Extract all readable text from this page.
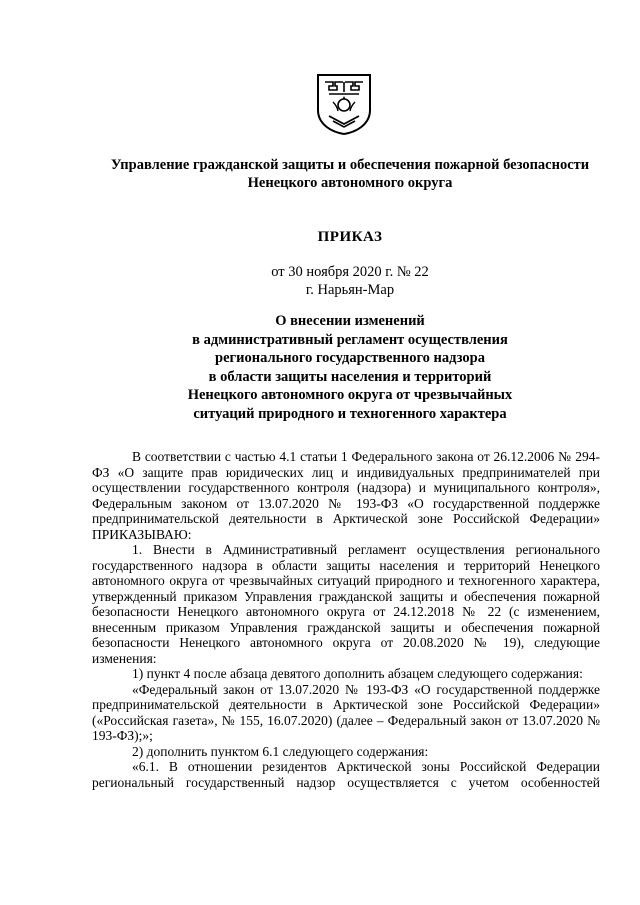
Управление гражданской защиты и обеспечения пожарной безопасности
Ненецкого автономного округа
ПРИКАЗ
от 30 ноября 2020 г. № 22
г. Нарьян-Мар
О внесении изменений
в административный регламент осуществления
регионального государственного надзора
в области защиты населения и территорий
Ненецкого автономного округа от чрезвычайных
ситуаций природного и техногенного характера

В соответствии с частью 4.1 статьи 1 Федерального закона от 26.12.2006 № 294-ФЗ «О защите прав юридических лиц и индивидуальных предпринимателей при осуществлении государственного контроля (надзора) и муниципального контроля», Федеральным законом от 13.07.2020 № 193-ФЗ «О государственной поддержке предпринимательской деятельности в Арктической зоне Российской Федерации» ПРИКАЗЫВАЮ:

1. Внести в Административный регламент осуществления регионального государственного надзора в области защиты населения и территорий Ненецкого автономного округа от чрезвычайных ситуаций природного и техногенного характера, утвержденный приказом Управления гражданской защиты и обеспечения пожарной безопасности Ненецкого автономного округа от 24.12.2018 № 22 (с изменением, внесенным приказом Управления гражданской защиты и обеспечения пожарной безопасности Ненецкого автономного округа от 20.08.2020 № 19), следующие изменения:

1) пункт 4 после абзаца девятого дополнить абзацем следующего содержания:

«Федеральный закон от 13.07.2020 № 193-ФЗ «О государственной поддержке предпринимательской деятельности в Арктической зоне Российской Федерации» («Российская газета», № 155, 16.07.2020) (далее – Федеральный закон от 13.07.2020 № 193-ФЗ);»;

2) дополнить пунктом 6.1 следующего содержания:

«6.1. В отношении резидентов Арктической зоны Российской Федерации региональный государственный надзор осуществляется с учетом особенностей
